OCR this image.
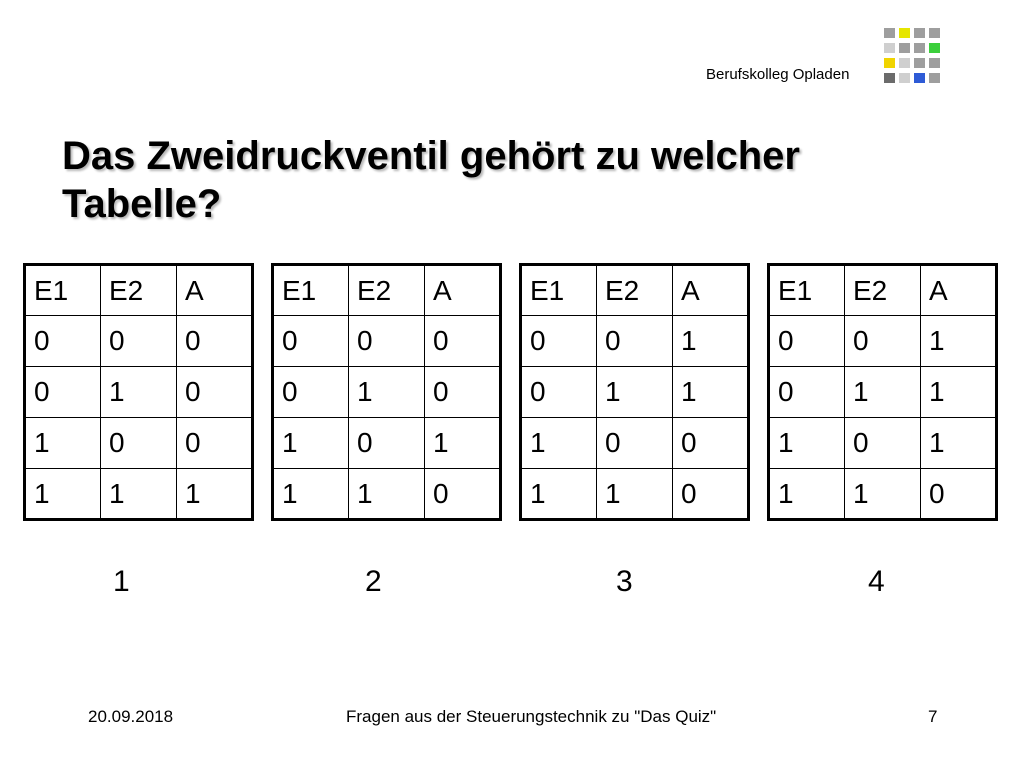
Berufskolleg Opladen
Das Zweidruckventil gehört zu welcher Tabelle?
E1	E2	A
0	0	0
0	1	0
1	0	0
1	1	1
E1	E2	A
0	0	0
0	1	0
1	0	1
1	1	0
E1	E2	A
0	0	1
0	1	1
1	0	0
1	1	0
E1	E2	A
0	0	1
0	1	1
1	0	1
1	1	0
1	2	3	4
20.09.2018	Fragen aus der Steuerungstechnik zu "Das Quiz"	7
